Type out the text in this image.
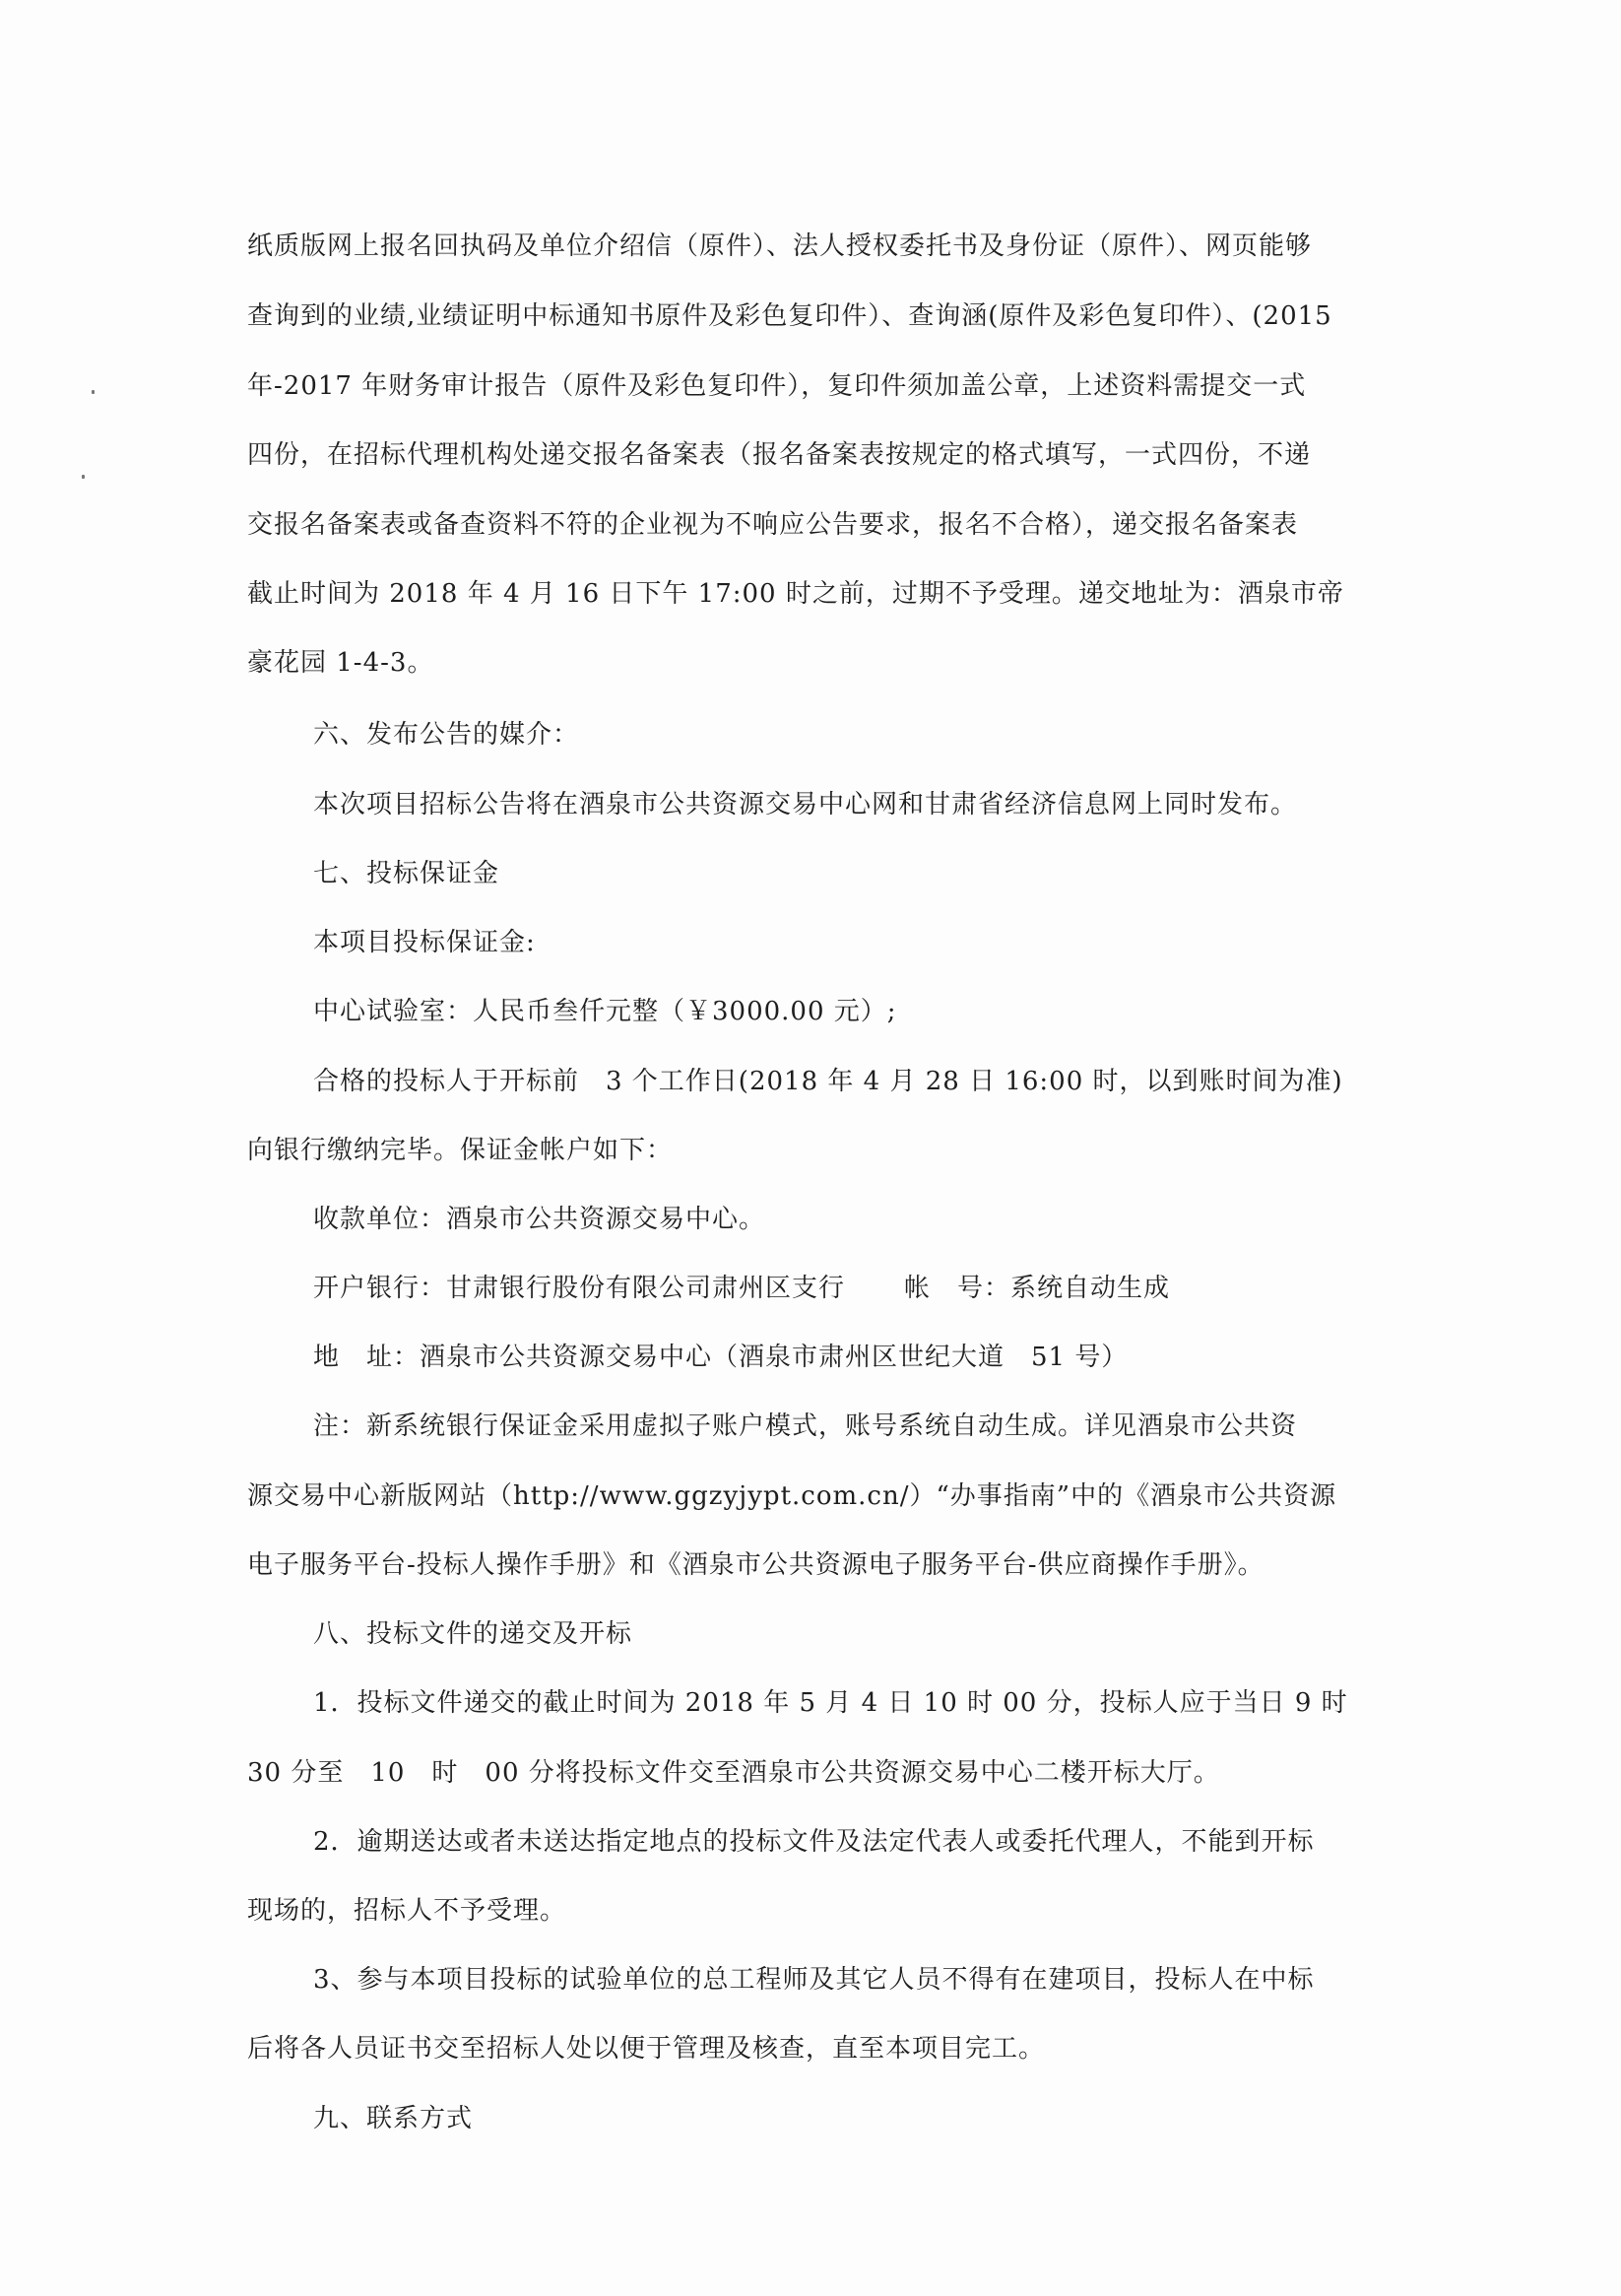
纸质版网上报名回执码及单位介绍信（原件）、法人授权委托书及身份证（原件）、网页能够

查询到的业绩,业绩证明中标通知书原件及彩色复印件）、查询涵(原件及彩色复印件）、(2015

年-2017 年财务审计报告（原件及彩色复印件），复印件须加盖公章，上述资料需提交一式

四份，在招标代理机构处递交报名备案表（报名备案表按规定的格式填写，一式四份，不递

交报名备案表或备查资料不符的企业视为不响应公告要求，报名不合格），递交报名备案表

截止时间为 2018 年 4 月 16 日下午 17:00 时之前，过期不予受理。递交地址为：酒泉市帝

豪花园 1-4-3。

六、发布公告的媒介：

本次项目招标公告将在酒泉市公共资源交易中心网和甘肃省经济信息网上同时发布。

七、投标保证金

本项目投标保证金:

中心试验室：人民币叁仟元整（￥3000.00 元）;

合格的投标人于开标前　3 个工作日(2018 年 4 月 28 日 16:00 时，以到账时间为准)

向银行缴纳完毕。保证金帐户如下：

收款单位：酒泉市公共资源交易中心。

开户银行：甘肃银行股份有限公司肃州区支行 帐　号：系统自动生成

地　址：酒泉市公共资源交易中心（酒泉市肃州区世纪大道　51 号）

注：新系统银行保证金采用虚拟子账户模式，账号系统自动生成。详见酒泉市公共资

源交易中心新版网站（http://www.ggzyjypt.com.cn/）“办事指南”中的《酒泉市公共资源

电子服务平台-投标人操作手册》和《酒泉市公共资源电子服务平台-供应商操作手册》。

八、投标文件的递交及开标

1．投标文件递交的截止时间为 2018 年 5 月 4 日 10 时 00 分，投标人应于当日 9 时

30 分至　10　时　00 分将投标文件交至酒泉市公共资源交易中心二楼开标大厅。

2．逾期送达或者未送达指定地点的投标文件及法定代表人或委托代理人，不能到开标

现场的，招标人不予受理。

3、参与本项目投标的试验单位的总工程师及其它人员不得有在建项目，投标人在中标

后将各人员证书交至招标人处以便于管理及核查，直至本项目完工。

九、联系方式
